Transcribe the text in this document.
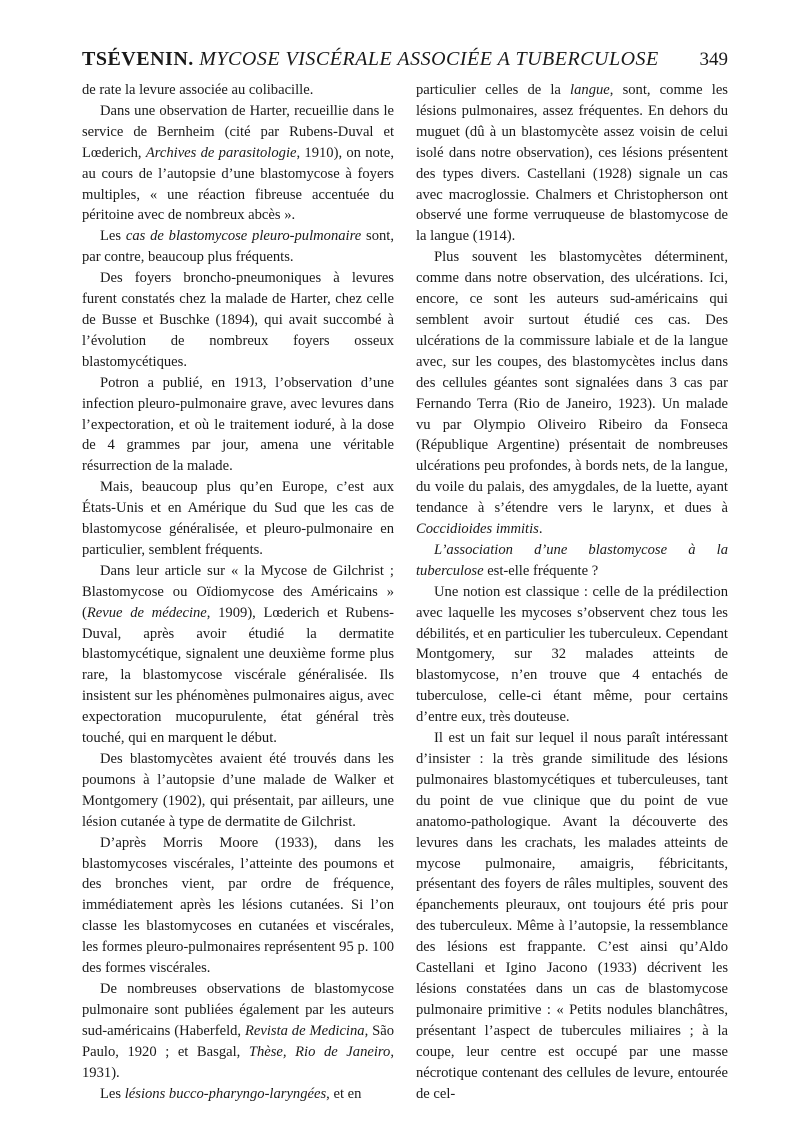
TSÉVENIN. MYCOSE VISCÉRALE ASSOCIÉE A TUBERCULOSE 349

de rate la levure associée au colibacille.

Dans une observation de Harter, recueillie dans le service de Bernheim (cité par Rubens-Duval et Lœderich, Archives de parasitologie, 1910), on note, au cours de l’autopsie d’une blastomycose à foyers multiples, « une réaction fibreuse accentuée du péritoine avec de nombreux abcès ».

Les cas de blastomycose pleuro-pulmonaire sont, par contre, beaucoup plus fréquents.

Des foyers broncho-pneumoniques à levures furent constatés chez la malade de Harter, chez celle de Busse et Buschke (1894), qui avait succombé à l’évolution de nombreux foyers osseux blastomycétiques.

Potron a publié, en 1913, l’observation d’une infection pleuro-pulmonaire grave, avec levures dans l’expectoration, et où le traitement ioduré, à la dose de 4 grammes par jour, amena une véritable résurrection de la malade.

Mais, beaucoup plus qu’en Europe, c’est aux États-Unis et en Amérique du Sud que les cas de blastomycose généralisée, et pleuro-pulmonaire en particulier, semblent fréquents.

Dans leur article sur « la Mycose de Gilchrist ; Blastomycose ou Oïdiomycose des Américains » (Revue de médecine, 1909), Lœderich et Rubens-Duval, après avoir étudié la dermatite blastomycétique, signalent une deuxième forme plus rare, la blastomycose viscérale généralisée. Ils insistent sur les phénomènes pulmonaires aigus, avec expectoration mucopurulente, état général très touché, qui en marquent le début.

Des blastomycètes avaient été trouvés dans les poumons à l’autopsie d’une malade de Walker et Montgomery (1902), qui présentait, par ailleurs, une lésion cutanée à type de dermatite de Gilchrist.

D’après Morris Moore (1933), dans les blastomycoses viscérales, l’atteinte des poumons et des bronches vient, par ordre de fréquence, immédiatement après les lésions cutanées. Si l’on classe les blastomycoses en cutanées et viscérales, les formes pleuro-pulmonaires représentent 95 p. 100 des formes viscérales.

De nombreuses observations de blastomycose pulmonaire sont publiées également par les auteurs sud-américains (Haberfeld, Revista de Medicina, São Paulo, 1920 ; et Basgal, Thèse, Rio de Janeiro, 1931).

Les lésions bucco-pharyngo-laryngées, et en

particulier celles de la langue, sont, comme les lésions pulmonaires, assez fréquentes. En dehors du muguet (dû à un blastomycète assez voisin de celui isolé dans notre observation), ces lésions présentent des types divers. Castellani (1928) signale un cas avec macroglossie. Chalmers et Christopherson ont observé une forme verruqueuse de blastomycose de la langue (1914).

Plus souvent les blastomycètes déterminent, comme dans notre observation, des ulcérations. Ici, encore, ce sont les auteurs sud-américains qui semblent avoir surtout étudié ces cas. Des ulcérations de la commissure labiale et de la langue avec, sur les coupes, des blastomycètes inclus dans des cellules géantes sont signalées dans 3 cas par Fernando Terra (Rio de Janeiro, 1923). Un malade vu par Olympio Oliveiro Ribeiro da Fonseca (République Argentine) présentait de nombreuses ulcérations peu profondes, à bords nets, de la langue, du voile du palais, des amygdales, de la luette, ayant tendance à s’étendre vers le larynx, et dues à Coccidioides immitis.

L’association d’une blastomycose à la tuberculose est-elle fréquente ?

Une notion est classique : celle de la prédilection avec laquelle les mycoses s’observent chez tous les débilités, et en particulier les tuberculeux. Cependant Montgomery, sur 32 malades atteints de blastomycose, n’en trouve que 4 entachés de tuberculose, celle-ci étant même, pour certains d’entre eux, très douteuse.

Il est un fait sur lequel il nous paraît intéressant d’insister : la très grande similitude des lésions pulmonaires blastomycétiques et tuberculeuses, tant du point de vue clinique que du point de vue anatomo-pathologique. Avant la découverte des levures dans les crachats, les malades atteints de mycose pulmonaire, amaigris, fébricitants, présentant des foyers de râles multiples, souvent des épanchements pleuraux, ont toujours été pris pour des tuberculeux. Même à l’autopsie, la ressemblance des lésions est frappante. C’est ainsi qu’Aldo Castellani et Igino Jacono (1933) décrivent les lésions constatées dans un cas de blastomycose pulmonaire primitive : « Petits nodules blanchâtres, présentant l’aspect de tubercules miliaires ; à la coupe, leur centre est occupé par une masse nécrotique contenant des cellules de levure, entourée de cel-
